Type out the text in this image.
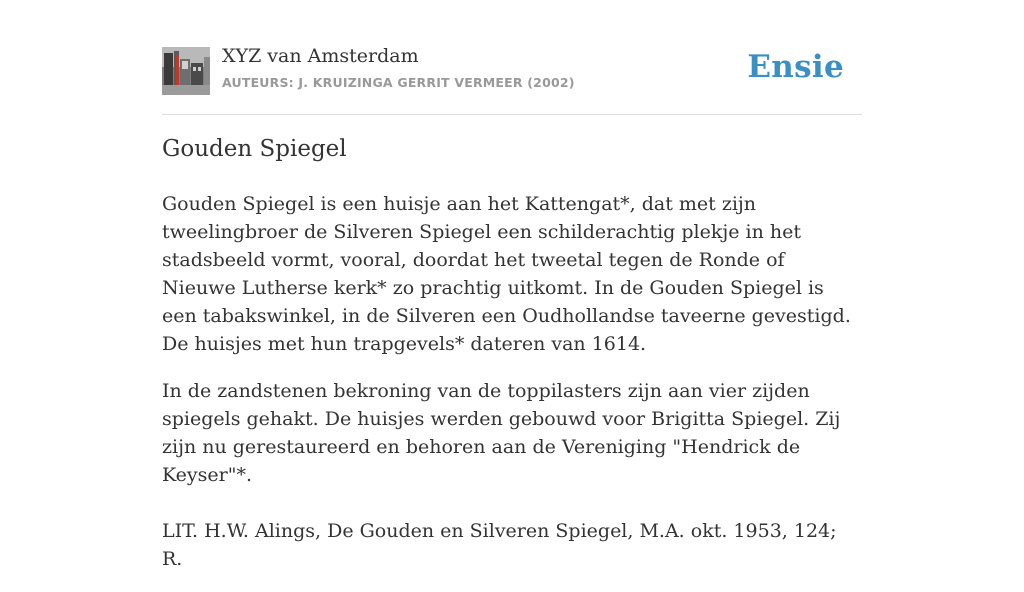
XYZ van Amsterdam
AUTEURS: J. KRUIZINGA GERRIT VERMEER (2002)	Ensie
Gouden Spiegel

Gouden Spiegel is een huisje aan het Kattengat*, dat met zijn tweelingbroer de Silveren Spiegel een schilderachtig plekje in het stadsbeeld vormt, vooral, doordat het tweetal tegen de Ronde of Nieuwe Lutherse kerk* zo prachtig uitkomt. In de Gouden Spiegel is een tabakswinkel, in de Silveren een Oudhollandse taveerne gevestigd. De huisjes met hun trapgevels* dateren van 1614.

In de zandstenen bekroning van de toppilasters zijn aan vier zijden spiegels gehakt. De huisjes werden gebouwd voor Brigitta Spiegel. Zij zijn nu gerestaureerd en behoren aan de Vereniging "Hendrick de Keyser"*.

LIT. H.W. Alings, De Gouden en Silveren Spiegel, M.A. okt. 1953, 124; R.
